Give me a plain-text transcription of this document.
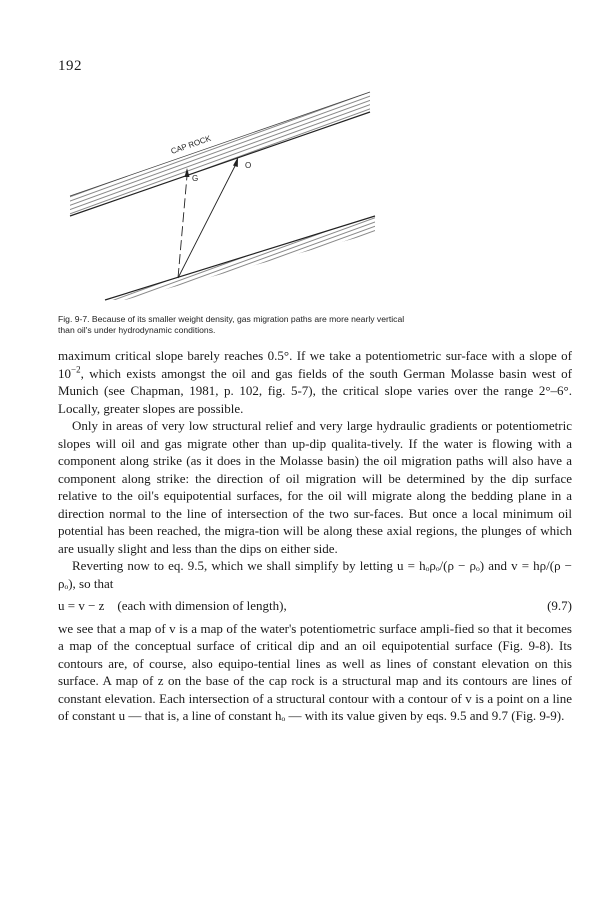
192
CAP ROCK
G
O

Fig. 9-7. Because of its smaller weight density, gas migration paths are more nearly vertical

than oil's under hydrodynamic conditions.

maximum critical slope barely reaches 0.5°. If we take a potentiometric sur-face with a slope of $10^{-2}$, which exists amongst the oil and gas fields of the south German Molasse basin west of Munich (see Chapman, 1981, p. 102, fig. 5-7), the critical slope varies over the range 2°–6°. Locally, greater slopes are possible.

Only in areas of very low structural relief and very large hydraulic gradients or potentiometric slopes will oil and gas migrate other than up-dip qualita-tively. If the water is flowing with a component along strike (as it does in the Molasse basin) the oil migration paths will also have a component along strike: the direction of oil migration will be determined by the dip surface relative to the oil's equipotential surfaces, for the oil will migrate along the bedding plane in a direction normal to the line of intersection of the two sur-faces. But once a local minimum oil potential has been reached, the migra-tion will be along these axial regions, the plunges of which are usually slight and less than the dips on either side.

Reverting now to eq. 9.5, which we shall simplify by letting u = hₒρₒ/(ρ − ρₒ) and v = hρ/(ρ − ρₒ), so that

u = v − z    (each with dimension of length),	(9.7)

we see that a map of v is a map of the water's potentiometric surface ampli-fied so that it becomes a map of the conceptual surface of critical dip and an oil equipotential surface (Fig. 9-8). Its contours are, of course, also equipo-tential lines as well as lines of constant elevation on this surface. A map of z on the base of the cap rock is a structural map and its contours are lines of constant elevation. Each intersection of a structural contour with a contour of v is a point on a line of constant u — that is, a line of constant hₒ — with its value given by eqs. 9.5 and 9.7 (Fig. 9-9).
